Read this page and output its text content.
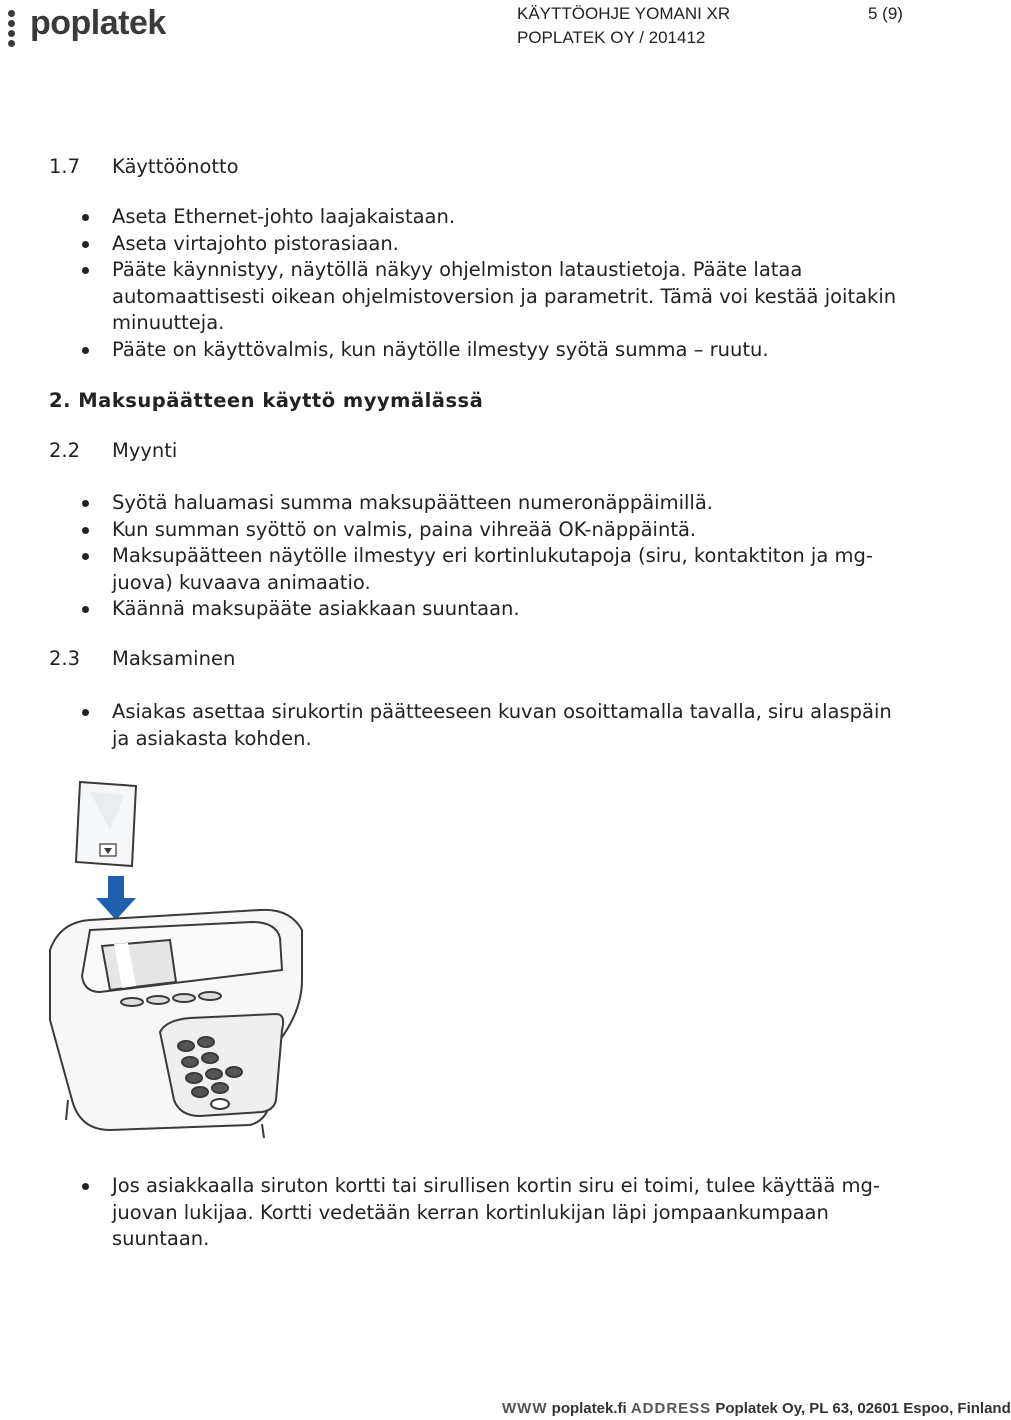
poplatek	KÄYTTÖOHJE YOMANI XR	5 (9)
POPLATEK OY / 201412
1.7 Käyttöönotto
Aseta Ethernet-johto laajakaistaan.
Aseta virtajohto pistorasiaan.
Pääte käynnistyy, näytöllä näkyy ohjelmiston lataustietoja. Pääte lataa automaattisesti oikean ohjelmistoversion ja parametrit. Tämä voi kestää joitakin minuutteja.
Pääte on käyttövalmis, kun näytölle ilmestyy syötä summa – ruutu.
2. Maksupäätteen käyttö myymälässä
2.2 Myynti
Syötä haluamasi summa maksupäätteen numeronäppäimillä.
Kun summan syöttö on valmis, paina vihreää OK-näppäintä.
Maksupäätteen näytölle ilmestyy eri kortinlukutapoja (siru, kontaktiton ja mg-juova) kuvaava animaatio.
Käännä maksupääte asiakkaan suuntaan.
2.3 Maksaminen
Asiakas asettaa sirukortin päätteeseen kuvan osoittamalla tavalla, siru alaspäin ja asiakasta kohden.
Jos asiakkaalla siruton kortti tai sirullisen kortin siru ei toimi, tulee käyttää mg-juovan lukijaa. Kortti vedetään kerran kortinlukijan läpi jompaankumpaan suuntaan.
WWW poplatek.fi ADDRESS Poplatek Oy, PL 63, 02601 Espoo, Finland
